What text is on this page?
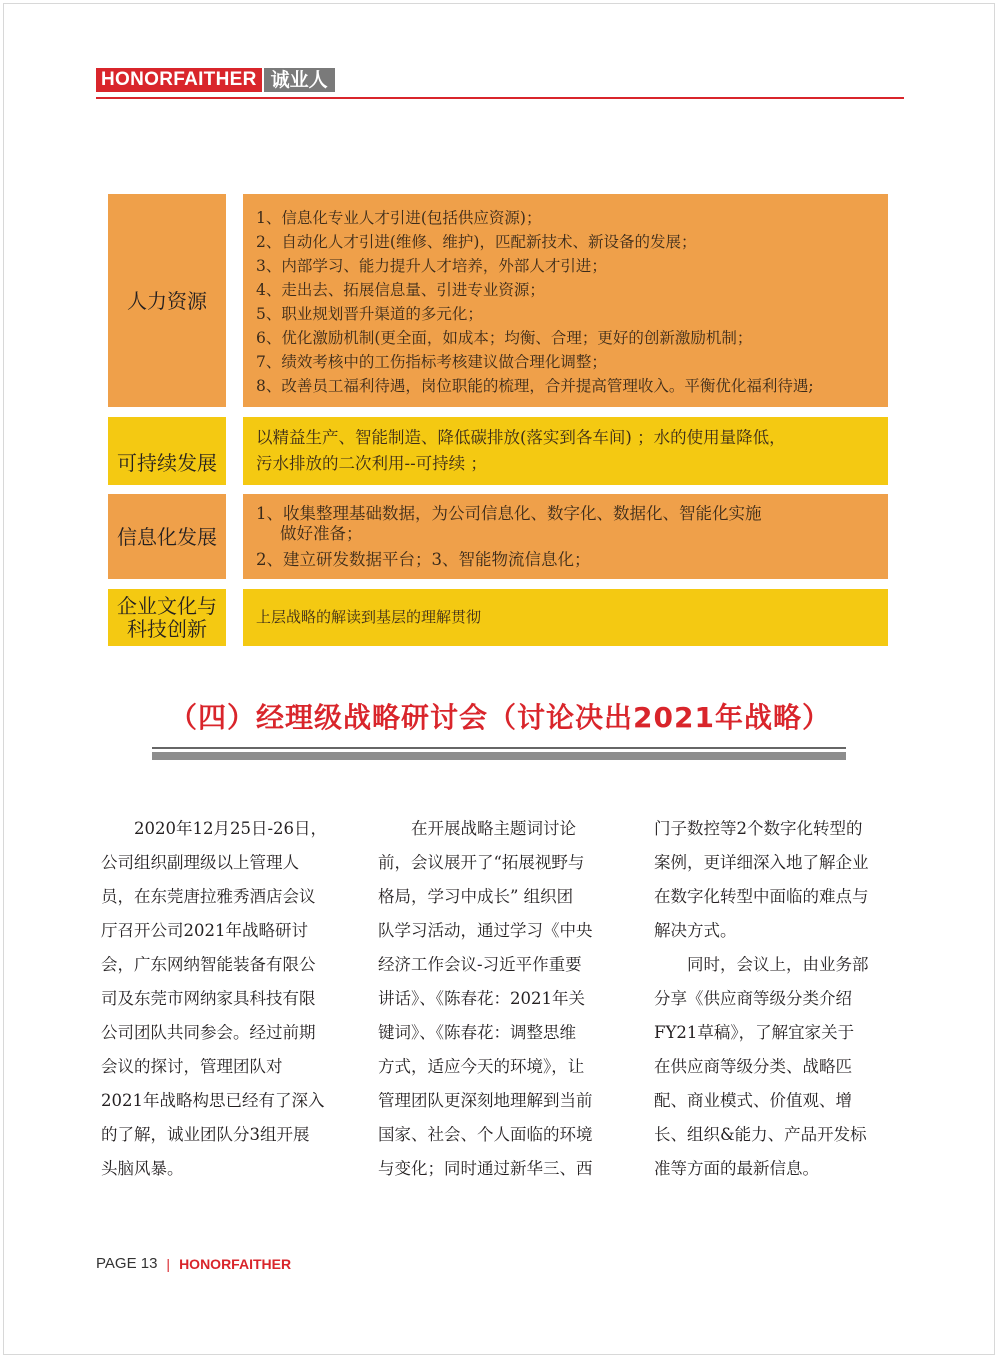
HONORFAITHER 诚业人
人力资源
1、信息化专业人才引进(包括供应资源)；
2、自动化人才引进(维修、维护)，匹配新技术、新设备的发展；
3、内部学习、能力提升人才培养，外部人才引进；
4、走出去、拓展信息量、引进专业资源；
5、职业规划晋升渠道的多元化；
6、优化激励机制(更全面，如成本；均衡、合理；更好的创新激励机制；
7、绩效考核中的工伤指标考核建议做合理化调整；
8、改善员工福利待遇，岗位职能的梳理，合并提高管理收入。平衡优化福利待遇;
可持续发展
以精益生产、智能制造、降低碳排放(落实到各车间) ；水的使用量降低，
污水排放的二次利用--可持续 ；
信息化发展
1、收集整理基础数据，为公司信息化、数字化、数据化、智能化实施
做好准备；
2、建立研发数据平台；3、智能物流信息化；
企业文化与
科技创新	上层战略的解读到基层的理解贯彻
（四）经理级战略研讨会（讨论决出2021年战略）
　　2020年12月25日-26日，
公司组织副理级以上管理人
员，在东莞唐拉雅秀酒店会议
厅召开公司2021年战略研讨
会，广东网纳智能装备有限公
司及东莞市网纳家具科技有限
公司团队共同参会。经过前期
会议的探讨，管理团队对
2021年战略构思已经有了深入
的了解，诚业团队分3组开展
头脑风暴。
　　在开展战略主题词讨论
前，会议展开了“拓展视野与
格局，学习中成长” 组织团
队学习活动，通过学习《中央
经济工作会议-习近平作重要
讲话》、《陈春花：2021年关
键词》、《陈春花：调整思维
方式，适应今天的环境》，让
管理团队更深刻地理解到当前
国家、社会、个人面临的环境
与变化；同时通过新华三、西
门子数控等2个数字化转型的
案例，更详细深入地了解企业
在数字化转型中面临的难点与
解决方式。
　　同时，会议上，由业务部
分享《供应商等级分类介绍
FY21草稿》，了解宜家关于
在供应商等级分类、战略匹
配、商业模式、价值观、增
长、组织&能力、产品开发标
准等方面的最新信息。
PAGE 13 | HONORFAITHER
